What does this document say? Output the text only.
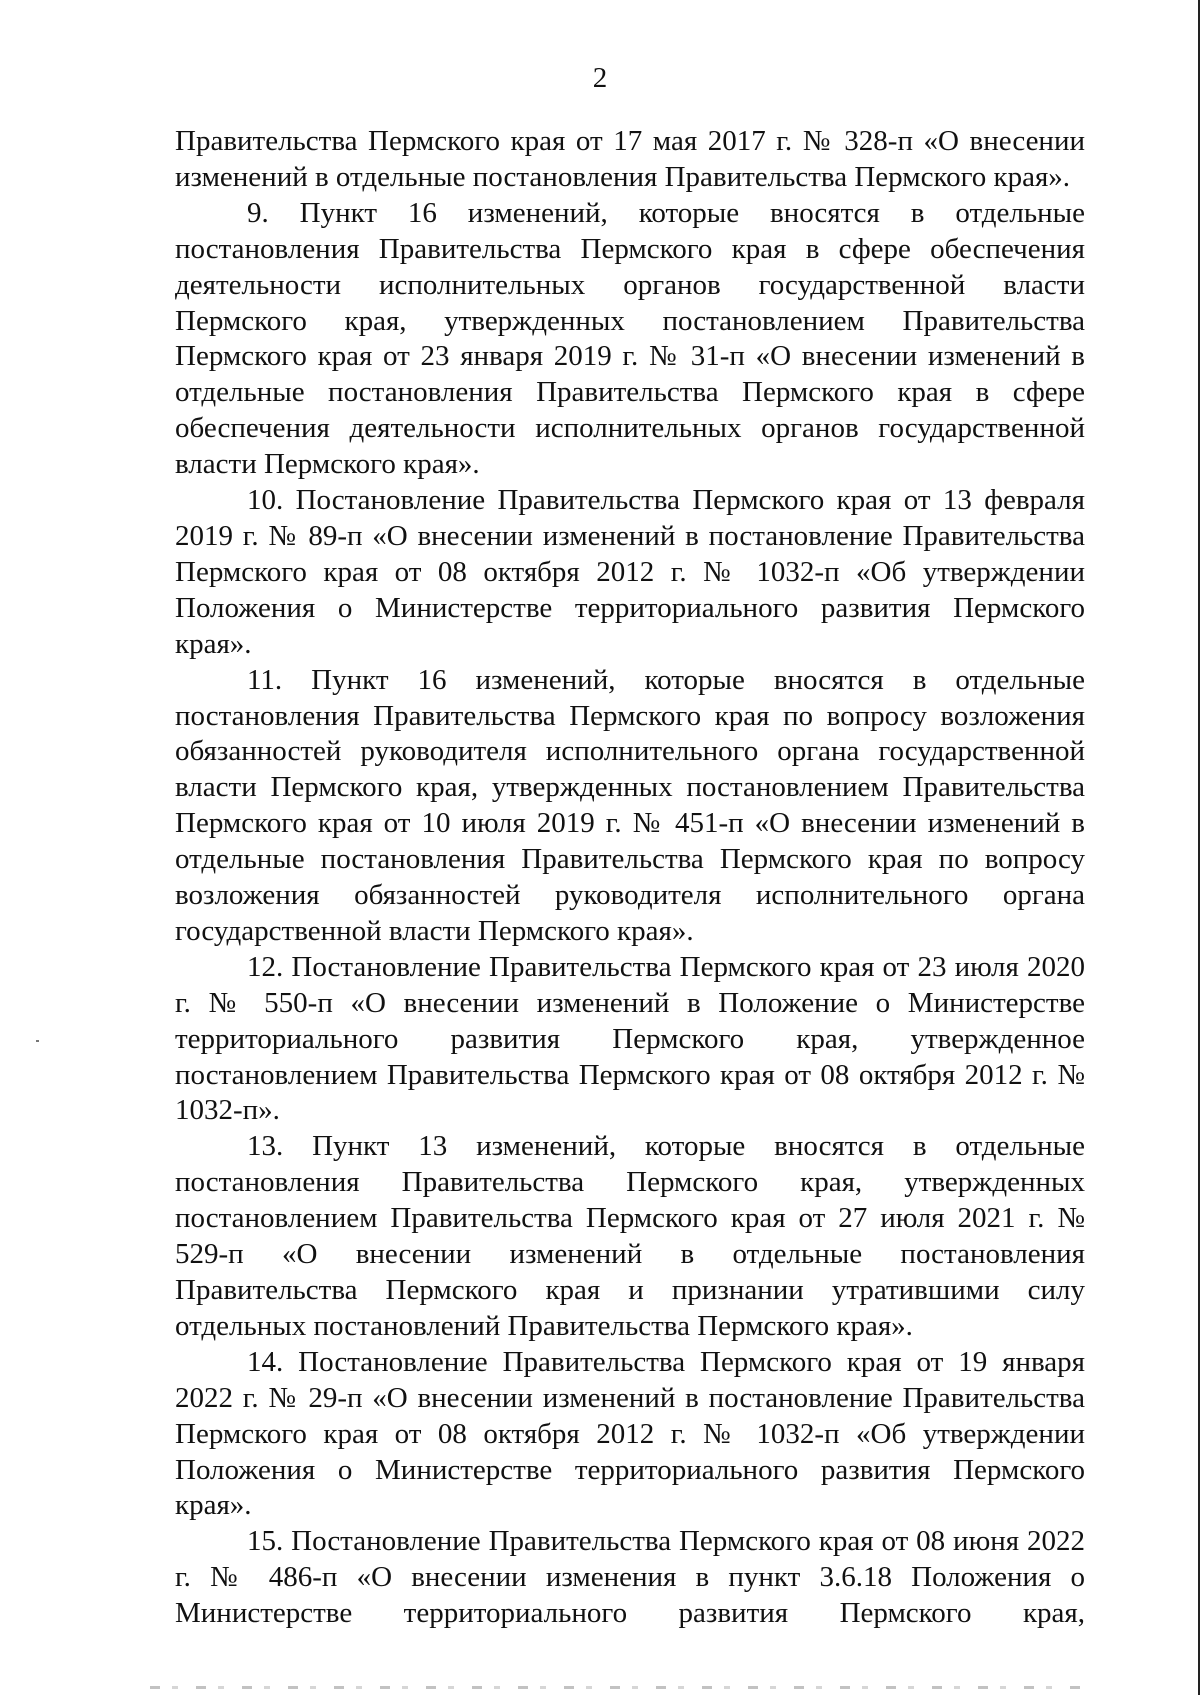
2

Правительства Пермского края от 17 мая 2017 г. № 328-п «О внесении изменений в отдельные постановления Правительства Пермского края».

9. Пункт 16 изменений, которые вносятся в отдельные постановления Правительства Пермского края в сфере обеспечения деятельности исполнительных органов государственной власти Пермского края, утвержденных постановлением Правительства Пермского края от 23 января 2019 г. № 31-п «О внесении изменений в отдельные постановления Правительства Пермского края в сфере обеспечения деятельности исполнительных органов государственной власти Пермского края».

10. Постановление Правительства Пермского края от 13 февраля 2019 г. № 89-п «О внесении изменений в постановление Правительства Пермского края от 08 октября 2012 г. № 1032-п «Об утверждении Положения о Министерстве территориального развития Пермского края».

11. Пункт 16 изменений, которые вносятся в отдельные постановления Правительства Пермского края по вопросу возложения обязанностей руководителя исполнительного органа государственной власти Пермского края, утвержденных постановлением Правительства Пермского края от 10 июля 2019 г. № 451-п «О внесении изменений в отдельные постановления Правительства Пермского края по вопросу возложения обязанностей руководителя исполнительного органа государственной власти Пермского края».

12. Постановление Правительства Пермского края от 23 июля 2020 г. № 550-п «О внесении изменений в Положение о Министерстве территориального развития Пермского края, утвержденное постановлением Правительства Пермского края от 08 октября 2012 г. № 1032-п».

13. Пункт 13 изменений, которые вносятся в отдельные постановления Правительства Пермского края, утвержденных постановлением Правительства Пермского края от 27 июля 2021 г. № 529-п «О внесении изменений в отдельные постановления Правительства Пермского края и признании утратившими силу отдельных постановлений Правительства Пермского края».

14. Постановление Правительства Пермского края от 19 января 2022 г. № 29-п «О внесении изменений в постановление Правительства Пермского края от 08 октября 2012 г. № 1032-п «Об утверждении Положения о Министерстве территориального развития Пермского края».

15. Постановление Правительства Пермского края от 08 июня 2022 г. № 486-п «О внесении изменения в пункт 3.6.18 Положения о Министерстве территориального развития Пермского края,
